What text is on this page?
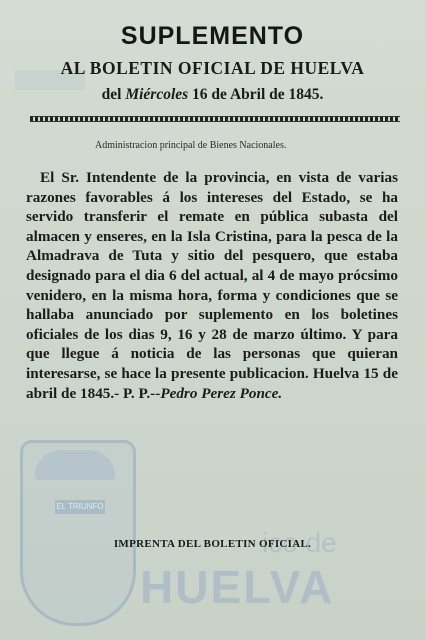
EL TRIUNFO
ico de
HUELVA
SUPLEMENTO
AL BOLETIN OFICIAL DE HUELVA
del Miércoles 16 de Abril de 1845.
Administracion principal de Bienes Nacionales.
El Sr. Intendente de la provincia, en vista de varias razones favorables á los intereses del Estado, se ha servido transferir el remate en pública subasta del almacen y enseres, en la Isla Cristina, para la pesca de la Almadrava de Tuta y sitio del pesquero, que estaba designado para el dia 6 del actual, al 4 de mayo prócsimo venidero, en la misma hora, forma y condiciones que se hallaba anunciado por suplemento en los boletines oficiales de los dias 9, 16 y 28 de marzo último. Y para que llegue á noticia de las personas que quieran interesarse, se hace la presente publicacion. Huelva 15 de abril de 1845.- P. P.--Pedro Perez Ponce.
IMPRENTA DEL BOLETIN OFICIAL.
